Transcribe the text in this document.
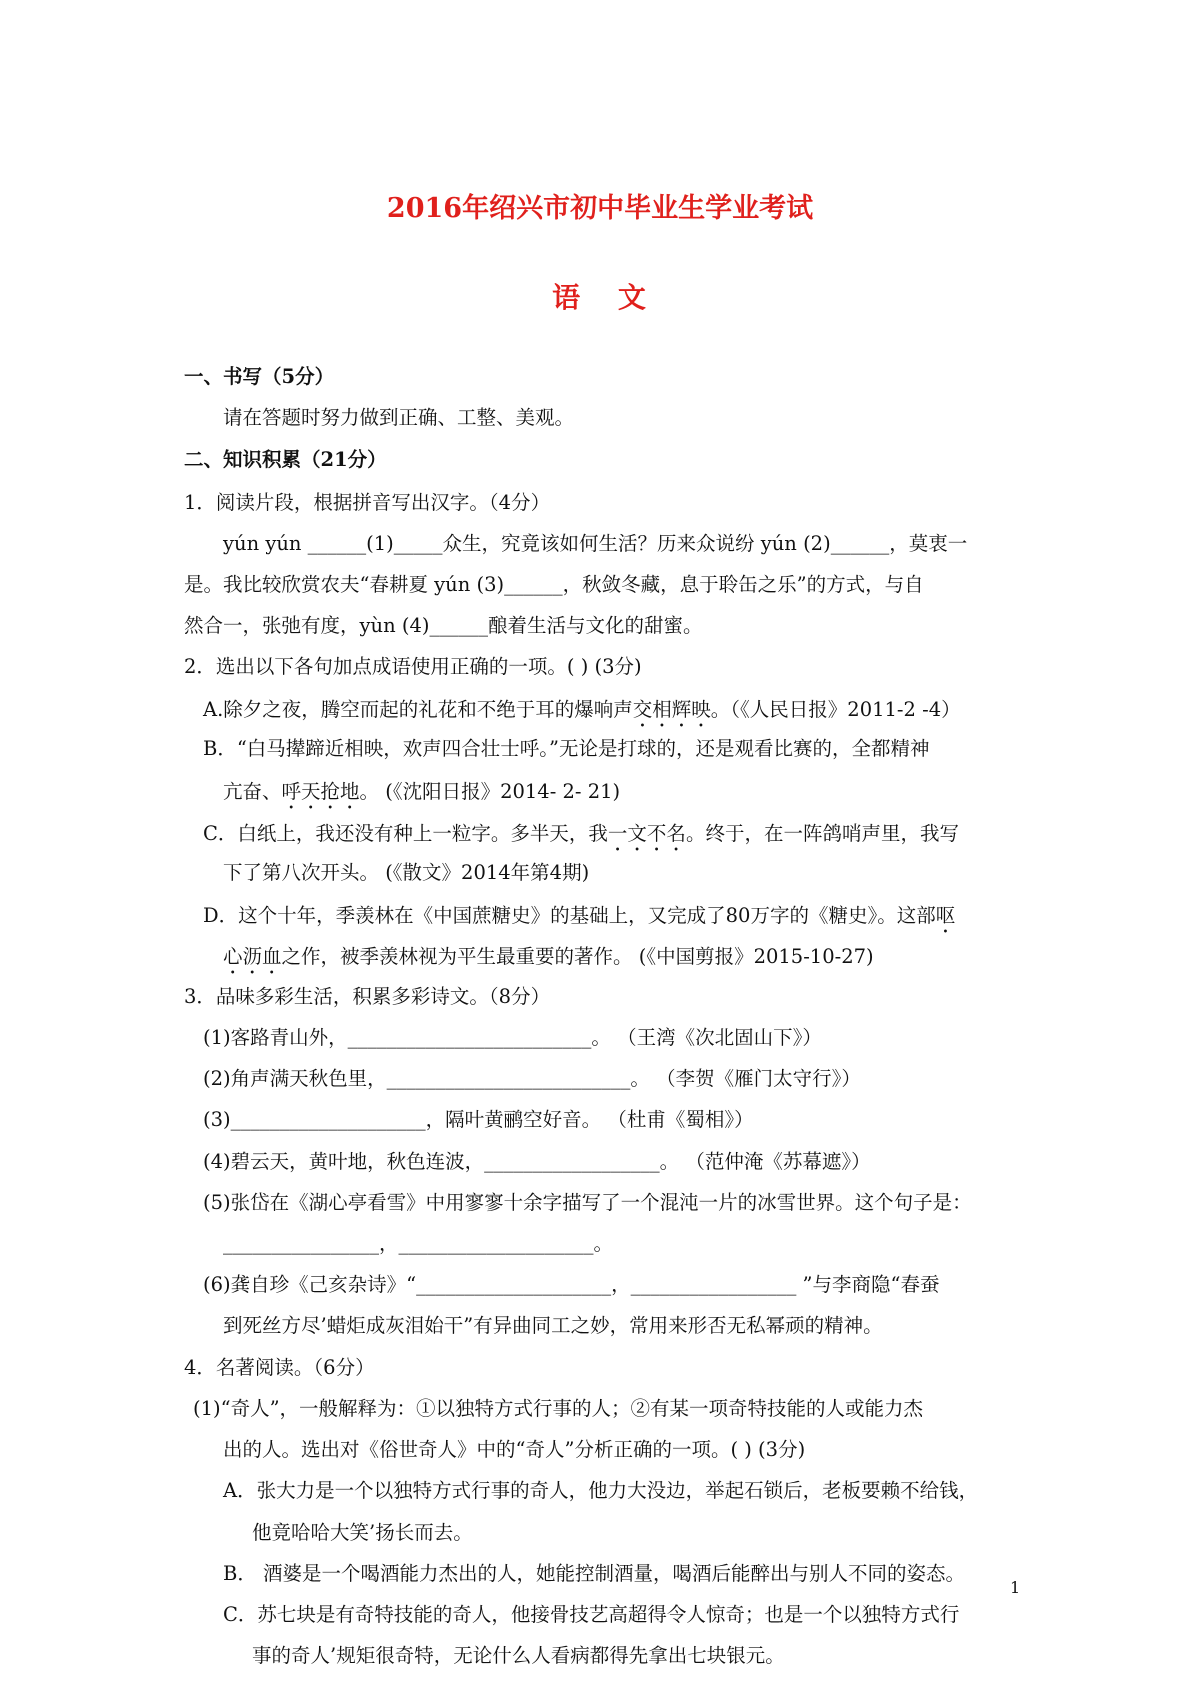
2016年绍兴市初中毕业生学业考试
语 文
一、书写（5分）
请在答题时努力做到正确、工整、美观。
二、知识积累（21分）
1．阅读片段，根据拼音写出汉字。（4分）
yún yún ______(1)_____众生，究竟该如何生活？历来众说纷 yún (2)______，莫衷一
是。我比较欣赏农夫“春耕夏 yún (3)______，秋敛冬藏，息于聆缶之乐”的方式，与自
然合一，张弛有度，yùn (4)______酿着生活与文化的甜蜜。
2．选出以下各句加点成语使用正确的一项。( ) (3分)
A.除夕之夜，腾空而起的礼花和不绝于耳的爆响声交相辉映。（《人民日报》2011-2 -4）
B．“白马撵蹄近相映，欢声四合壮士呼。”无论是打球的，还是观看比赛的，全都精神
亢奋、呼天抢地。 (《沈阳日报》2014- 2- 21)
C．白纸上，我还没有种上一粒字。多半天，我一文不名。终于，在一阵鸽哨声里，我写
下了第八次开头。 (《散文》2014年第4期)
D．这个十年，季羡林在《中国蔗糖史》的基础上，又完成了80万字的《糖史》。这部呕
心沥血之作，被季羡林视为平生最重要的著作。 (《中国剪报》2015-10-27)
3．品味多彩生活，积累多彩诗文。（8分）
(1)客路青山外，_________________________。 （王湾《次北固山下》）
(2)角声满天秋色里，_________________________。 （李贺《雁门太守行》）
(3)____________________，隔叶黄鹂空好音。 （杜甫《蜀相》）
(4)碧云天，黄叶地，秋色连波，__________________。 （范仲淹《苏幕遮》）
(5)张岱在《湖心亭看雪》中用寥寥十余字描写了一个混沌一片的冰雪世界。这个句子是：
________________，____________________。
(6)龚自珍《己亥杂诗》“____________________，_________________ ”与李商隐“春蚕
到死丝方尽’蜡炬成灰泪始干”有异曲同工之妙，常用来形否无私幂顽的精神。
4．名著阅读。（6分）
(1)“奇人”，一般解释为：①以独特方式行事的人；②有某一项奇特技能的人或能力杰
出的人。选出对《俗世奇人》中的“奇人”分析正确的一项。( ) (3分)
A．张大力是一个以独特方式行事的奇人，他力大没边，举起石锁后，老板要赖不给钱，
他竟哈哈大笑’扬长而去。
B． 酒婆是一个喝酒能力杰出的人，她能控制酒量，喝酒后能醉出与别人不同的姿态。
C．苏七块是有奇特技能的奇人，他接骨技艺高超得令人惊奇；也是一个以独特方式行
事的奇人’规矩很奇特，无论什么人看病都得先拿出七块银元。
1
